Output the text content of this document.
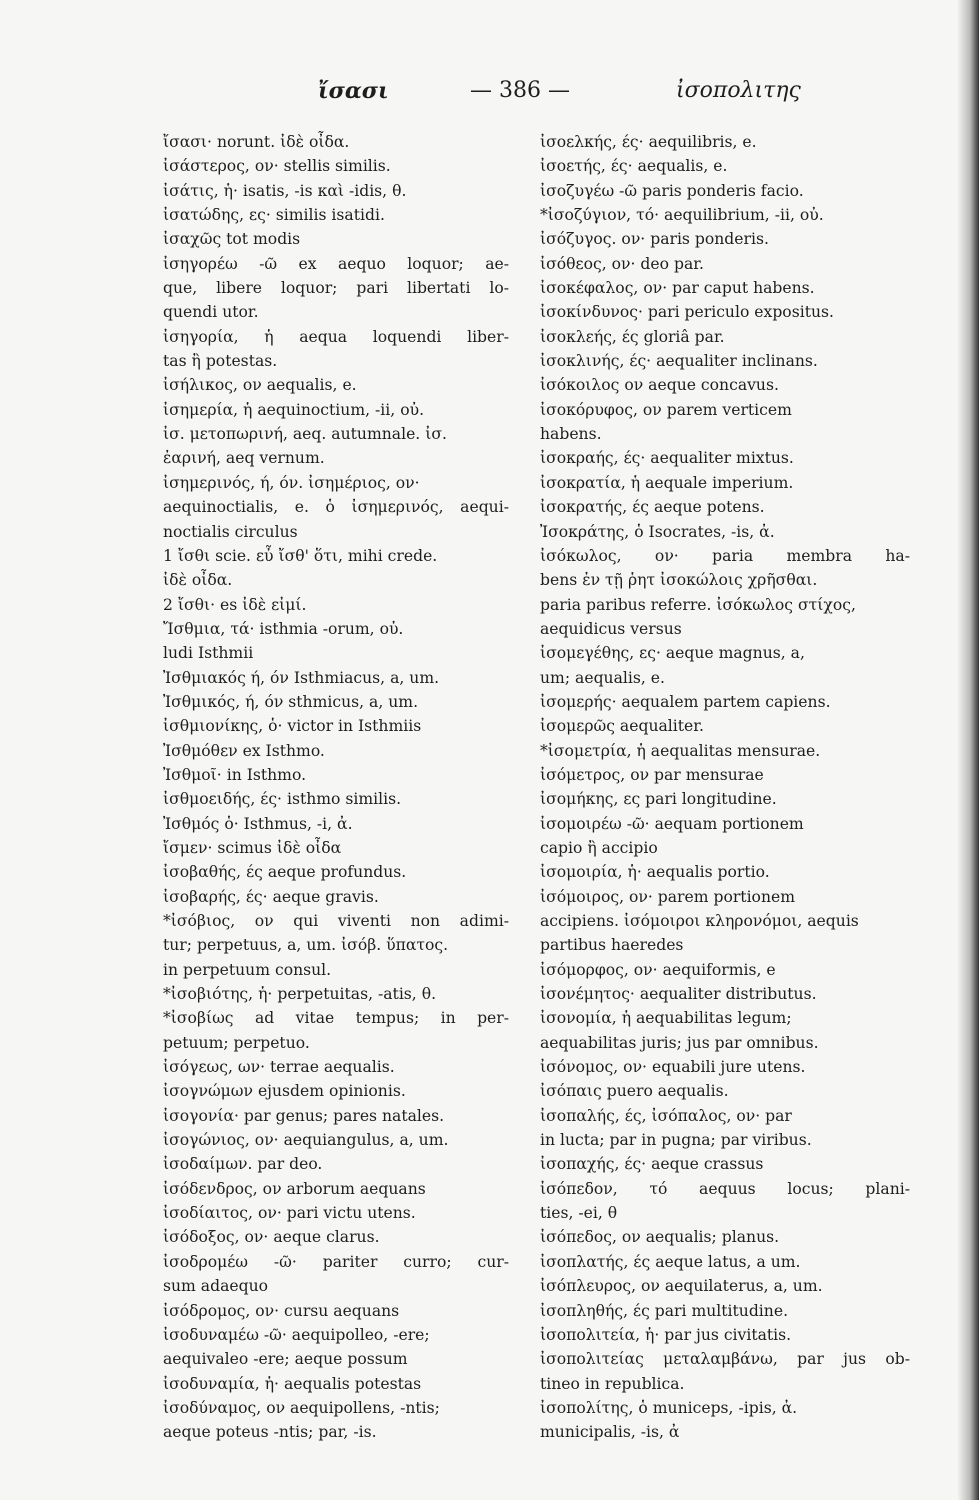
ἴσασι	— 386 —	ἰσοπολιτης
ἴσασι· norunt. ἰδὲ οἶδα.
ἰσάστερος, ον· stellis similis.
ἰσάτις, ἡ· isatis, -is καὶ -idis, θ.
ἰσατώδης, ες· similis isatidi.
ἰσαχῶς tot modis
ἰσηγορέω -ῶ ex aequo loquor; ae-
que, libere loquor; pari libertati lo-
quendi utor.
ἰσηγορία, ἡ aequa loquendi liber-
tas ἢ potestas.
ἰσήλικος, ον aequalis, e.
ἰσημερία, ἡ aequinoctium, -ii, οὐ.
ἰσ. μετοπωρινή, aeq. autumnale. ἰσ.
ἐαρινή, aeq vernum.
ἰσημερινός, ή, όν. ἰσημέριος, ον·
aequinoctialis, e. ὁ ἰσημερινός, aequi-
noctialis circulus
1 ἴσθι scie. εὖ ἴσθ' ὅτι, mihi crede.
ἰδὲ οἶδα.
2 ἴσθι· es ἰδὲ εἰμί.
Ἴσθμια, τά· isthmia -orum, οὐ.
ludi Isthmii
Ἰσθμιακός ή, όν Isthmiacus, a, um.
Ἰσθμικός, ή, όν sthmicus, a, um.
ἰσθμιονίκης, ὁ· victor in Isthmiis
Ἰσθμόθεν ex Isthmo.
Ἰσθμοῖ· in Isthmo.
ἰσθμοειδής, ές· isthmo similis.
Ἰσθμός ὁ· Isthmus, -i, ἀ.
ἴσμεν· scimus ἰδὲ οἶδα
ἰσοβαθής, ές aeque profundus.
ἰσοβαρής, ές· aeque gravis.
*ἰσόβιος, ον qui viventi non adimi-
tur; perpetuus, a, um. ἰσόβ. ὕπατος.
in perpetuum consul.
*ἰσοβιότης, ἡ· perpetuitas, -atis, θ.
*ἰσοβίως ad vitae tempus; in per-
petuum; perpetuo.
ἰσόγεως, ων· terrae aequalis.
ἰσογνώμων ejusdem opinionis.
ἰσογονία· par genus; pares natales.
ἰσογώνιος, ον· aequiangulus, a, um.
ἰσοδαίμων. par deo.
ἰσόδενδρος, ον arborum aequans
ἰσοδίαιτος, ον· pari victu utens.
ἰσόδοξος, ον· aeque clarus.
ἰσοδρομέω -ῶ· pariter curro; cur-
sum adaequo
ἰσόδρομος, ον· cursu aequans
ἰσοδυναμέω -ῶ· aequipolleo, -ere;
aequivaleo -ere; aeque possum
ἰσοδυναμία, ἡ· aequalis potestas
ἰσοδύναμος, ον aequipollens, -ntis;
aeque poteus -ntis; par, -is.
ἰσοελκής, ές· aequilibris, e.
ἰσοετής, ές· aequalis, e.
ἰσοζυγέω -ῶ paris ponderis facio.
*ἰσοζύγιον, τό· aequilibrium, -ii, οὐ.
ἰσόζυγος. ον· paris ponderis.
ἰσόθεος, ον· deo par.
ἰσοκέφαλος, ον· par caput habens.
ἰσοκίνδυνος· pari periculo expositus.
ἰσοκλεής, ές gloriâ par.
ἰσοκλινής, ές· aequaliter inclinans.
ἰσόκοιλος ον aeque concavus.
ἰσοκόρυφος, ον parem verticem
habens.
ἰσοκραής, ές· aequaliter mixtus.
ἰσοκρατία, ἡ aequale imperium.
ἰσοκρατής, ές aeque potens.
Ἰσοκράτης, ὁ Isocrates, -is, ἀ.
ἰσόκωλος, ον· paria membra ha-
bens ἐν τῇ ῥητ ἰσοκώλοις χρῆσθαι.
paria paribus referre. ἰσόκωλος στίχος,
aequidicus versus
ἰσομεγέθης, ες· aeque magnus, a,
um; aequalis, e.
ἰσομερής· aequalem partem capiens.
ἰσομερῶς aequaliter.
*ἰσομετρία, ἡ aequalitas mensurae.
ἰσόμετρος, ον par mensurae
ἰσομήκης, ες pari longitudine.
ἰσομοιρέω -ῶ· aequam portionem
capio ἢ accipio
ἰσομοιρία, ἡ· aequalis portio.
ἰσόμοιρος, ον· parem portionem
accipiens. ἰσόμοιροι κληρονόμοι, aequis
partibus haeredes
ἰσόμορφος, ον· aequiformis, e
ἰσονέμητος· aequaliter distributus.
ἰσονομία, ἡ aequabilitas legum;
aequabilitas juris; jus par omnibus.
ἰσόνομος, ον· equabili jure utens.
ἰσόπαις puero aequalis.
ἰσοπαλής, ές, ἰσόπαλος, ον· par
in lucta; par in pugna; par viribus.
ἰσοπαχής, ές· aeque crassus
ἰσόπεδον, τό aequus locus; plani-
ties, -ei, θ
ἰσόπεδος, ον aequalis; planus.
ἰσοπλατής, ές aeque latus, a um.
ἰσόπλευρος, ον aequilaterus, a, um.
ἰσοπληθής, ές pari multitudine.
ἰσοπολιτεία, ἡ· par jus civitatis.
ἰσοπολιτείας μεταλαμβάνω, par jus ob-
tineo in republica.
ἰσοπολίτης, ὁ municeps, -ipis, ἀ.
municipalis, -is, ἀ
